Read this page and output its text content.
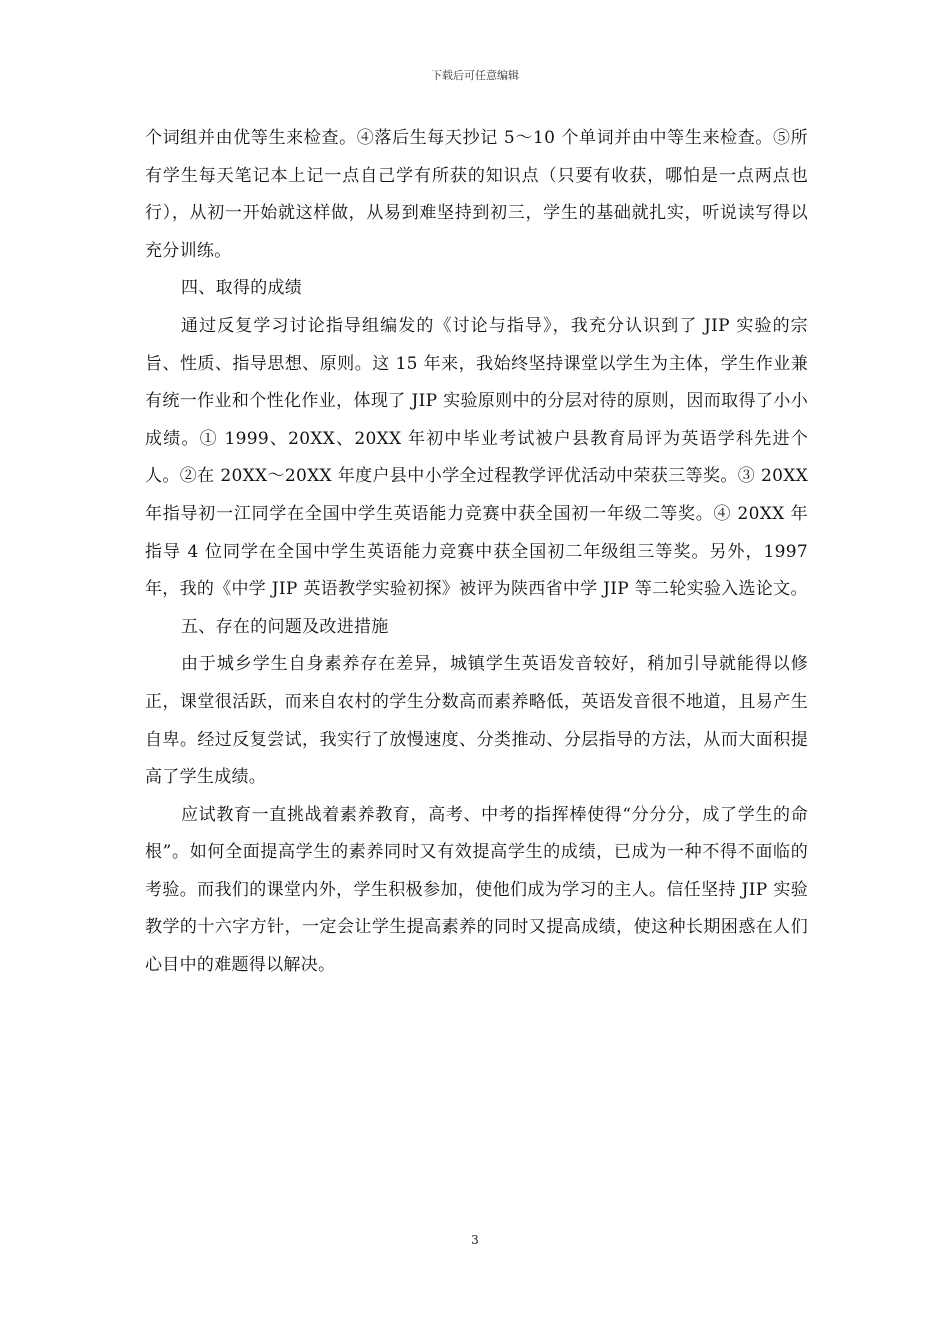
下载后可任意编辑

个词组并由优等生来检查。④落后生每天抄记 5～10 个单词并由中等生来检查。⑤所有学生每天笔记本上记一点自己学有所获的知识点（只要有收获，哪怕是一点两点也行），从初一开始就这样做，从易到难坚持到初三，学生的基础就扎实，听说读写得以充分训练。

四、取得的成绩

通过反复学习讨论指导组编发的《讨论与指导》，我充分认识到了 JIP 实验的宗旨、性质、指导思想、原则。这 15 年来，我始终坚持课堂以学生为主体，学生作业兼有统一作业和个性化作业，体现了 JIP 实验原则中的分层对待的原则，因而取得了小小成绩。① 1999、20XX、20XX 年初中毕业考试被户县教育局评为英语学科先进个人。②在 20XX～20XX 年度户县中小学全过程教学评优活动中荣获三等奖。③ 20XX 年指导初一江同学在全国中学生英语能力竞赛中获全国初一年级二等奖。④ 20XX 年指导 4 位同学在全国中学生英语能力竞赛中获全国初二年级组三等奖。另外，1997 年，我的《中学 JIP 英语教学实验初探》被评为陕西省中学 JIP 等二轮实验入选论文。

五、存在的问题及改进措施

由于城乡学生自身素养存在差异，城镇学生英语发音较好，稍加引导就能得以修正，课堂很活跃，而来自农村的学生分数高而素养略低，英语发音很不地道，且易产生自卑。经过反复尝试，我实行了放慢速度、分类推动、分层指导的方法，从而大面积提高了学生成绩。

应试教育一直挑战着素养教育，高考、中考的指挥棒使得“分分分，成了学生的命根”。如何全面提高学生的素养同时又有效提高学生的成绩，已成为一种不得不面临的考验。而我们的课堂内外，学生积极参加，使他们成为学习的主人。信任坚持 JIP 实验教学的十六字方针，一定会让学生提高素养的同时又提高成绩，使这种长期困惑在人们心目中的难题得以解决。

3
